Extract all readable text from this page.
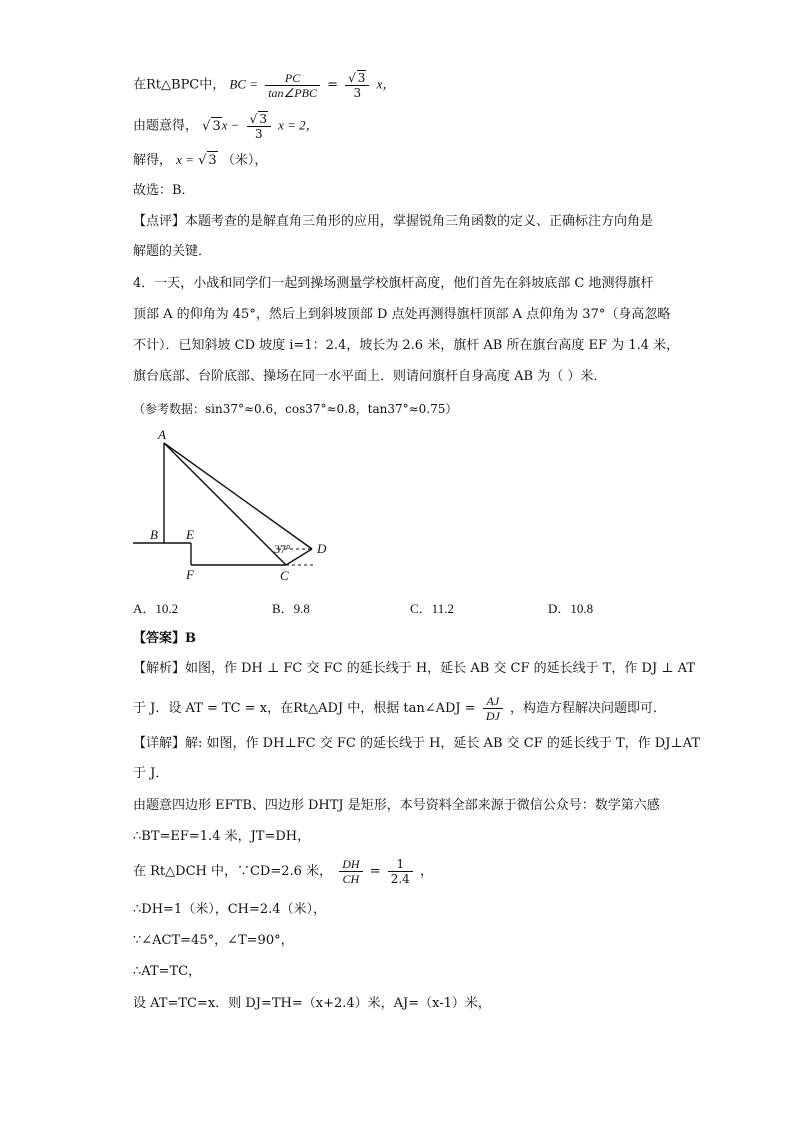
在Rt△BPC中， BC = $\frac{PC}{\text{tan∠PBC}} = \frac{√ 3}{3}$ x，
由题意得， √ $3x - \frac{√ 3}{3}$ x = 2，
解得， x = √ 3 （米），
故选：B．
【点评】本题考查的是解直角三角形的应用，掌握锐角三角函数的定义、正确标注方向角是
解题的关键．
4．一天，小战和同学们一起到操场测量学校旗杆高度，他们首先在斜坡底部 C 地测得旗杆
顶部 A 的仰角为 45°，然后上到斜坡顶部 D 点处再测得旗杆顶部 A 点仰角为 37°（身高忽略
不计）．已知斜坡 CD 坡度 i=1：2.4，坡长为 2.6 米，旗杆 AB 所在旗台高度 EF 为 1.4 米，
旗台底部、台阶底部、操场在同一水平面上．则请问旗杆自身高度 AB 为（ ）米．
（参考数据：sin37°≈0.6，cos37°≈0.8，tan37°≈0.75）
A
B E
F	C
D
37°
A．10.2	B．9.8	C．11.2	D．10.8
【答案】B
【解析】如图，作 DH ⊥ FC 交 FC 的延长线于 H，延长 AB 交 CF 的延长线于 T，作 DJ ⊥ AT
于 J．设 AT = TC = x，在Rt△ADJ 中，根据 tan∠ADJ = $\frac{AJ}{DJ}$ ，构造方程解决问题即可．
【详解】解: 如图，作 DH⊥FC 交 FC 的延长线于 H，延长 AB 交 CF 的延长线于 T，作 DJ⊥AT
于 J．
由题意四边形 EFTB、四边形 DHTJ 是矩形，本号资料全部来源于微信公众号：数学第六感
∴BT=EF=1.4 米，JT=DH，
在 Rt△DCH 中，∵CD=2.6 米， $\frac{DH}{CH} = \frac{1}{2.4}$ ，
∴DH=1（米），CH=2.4（米），
∵∠ACT=45°，∠T=90°，
∴AT=TC，
设 AT=TC=x．则 DJ=TH=（x+2.4）米，AJ=（x-1）米，
